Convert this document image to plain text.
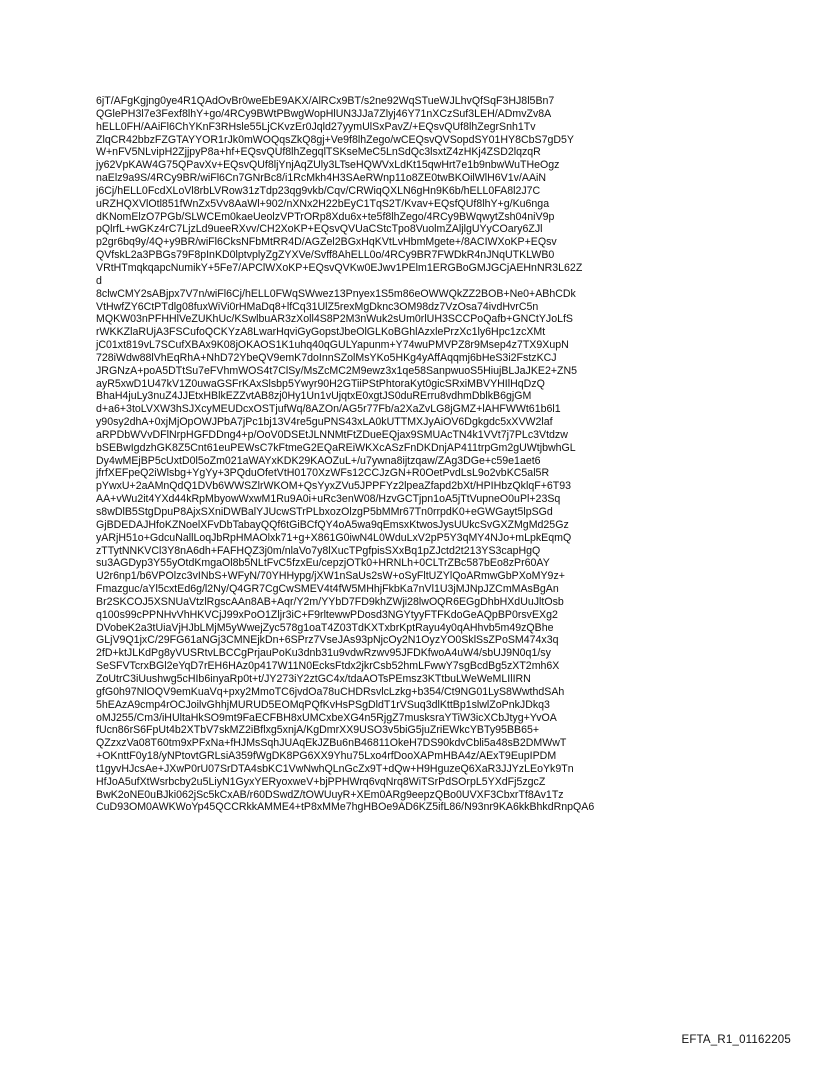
6jT/AFgKgjng0ye4R1QAdOvBr0weEbE9AKX/AlRCx9BT/s2ne92WqSTueWJLhvQfSqF3HJ8l5Bn7
QGlePH3l7e3Fexf8lhY+go/4RCy9BWtPBwgWopHlUN3JJa7Zlyj46Y71nXCzSuf3LEH/ADmvZv8A
hELL0FH/AAiFl6ChYKnF3RHsle55LjCKvzEr0Jqld27yymUlSxPavZ/+EQsvQUf8lhZegrSnh1Tv
ZlqCR42bbzFZGTAYYOR1rJk0mWOQqsZkQ8gj+Ve9f8lhZego/wCEQsvQVSopdSY01HY8CbS7gD5Y
W+nFV5NLvipH2ZjjpyP8a+hf+EQsvQUf8lhZegqlTSKseMeC5LnSdQc3lsxtZ4zHKj4ZSD2lqzqR
jy62VpKAW4G75QPavXv+EQsvQUf8ljYnjAqZUly3LTseHQWVxLdKt15qwHrt7e1b9nbwWuTHeOgz
naElz9a9S/4RCy9BR/wiFl6Cn7GNrBc8/i1RcMkh4H3SAeRWnp11o8ZE0twBKOilWlH6V1v/AAiN
j6Cj/hELL0FcdXLoVl8rbLVRow31zTdp23qg9vkb/Cqv/CRWiqQXLN6gHn9K6b/hELL0FA8l2J7C
uRZHQXVlOtl851fWnZx5Vv8AaWl+902/nXNx2H22bEyC1TqS2T/Kvav+EQsfQUf8lhY+g/Ku6nga
dKNomElzO7PGb/SLWCEm0kaeUeolzVPTrORp8Xdu6x+te5f8lhZego/4RCy9BWqwytZsh04niV9p
pQlrfL+wGKz4rC7LjzLd9ueeRXvv/CH2XoKP+EQsvQVUaCStcTpo8VuolmZAljlgUYyCOary6ZJl
p2gr6bq9y/4Q+y9BR/wiFl6CksNFbMtRR4D/AGZel2BGxHqKVtLvHbmMgete+/8ACIWXoKP+EQsv
QVfskL2a3PBGs79F8pInKD0lptvplyZgZYXVe/Svff8AhELL0o/4RCy9BR7FWDkR4nJNqUTKLWB0
VRtHTmqkqapcNumikY+5Fe7/APClWXoKP+EQsvQVKw0EJwv1PElm1ERGBoGMJGCjAEHnNR3L62Z
d
8clwCMY2sABjpx7V7n/wiFl6Cj/hELL0FWqSWwez13Pnyex1S5m86eOWWQkZZ2BOB+Ne0+ABhCDk
VtHwfZY6CtPTdlg08fuxWiVi0rHMaDq8+lfCq31UlZ5rexMgDknc3OM98dz7VzOsa74ivdHvrC5n
MQKW03nPFHHlVeZUKhUc/KSwlbuAR3zXoll4S8P2M3nWuk2sUm0rlUH3SCCPoQafb+GNCtYJoLfS
rWKKZlaRUjA3FSCufoQCKYzA8LwarHqviGyGopstJbeOlGLKoBGhlAzxlePrzXc1ly6Hpc1zcXMt
jC01xt819vL7SCufXBAx9K08jOKAOS1K1uhq40qGULYapunm+Y74wuPMVPZ8r9Msep4z7TX9XupN
728iWdw88lVhEqRhA+NhD72YbeQV9emK7doInnSZolMsYKo5HKg4yAffAqqmj6bHeS3i2FstzKCJ
JRGNzA+poA5DTtSu7eFVhmWOS4t7ClSy/MsZcMC2M9ewz3x1qe58SanpwuoS5HiujBLJaJKE2+ZN5
ayR5xwD1U47kV1Z0uwaGSFrKAxSlsbp5Ywyr90H2GTiiPStPhtoraKyt0gicSRxiMBVYHIlHqDzQ
BhaH4juLy3nuZ4JJEtxHBlkEZZvtAB8zj0Hy1Un1vUjqtxE0xgtJS0duRErru8vdhmDblkB6gjGM
d+a6+3toLVXW3hSJXcyMEUDcxOSTjufWq/8AZOn/AG5r77Fb/a2XaZvLG8jGMZ+lAHFWWt61b6l1
y90sy2dhA+0xjMjOpOWJPbA7jPc1bj13V4re5guPNS43xLA0kUTTMXJyAiOV6Dgkgdc5xXVW2laf
aRPDbWVvDFlNrpHGFDDng4+p/OoV0DSEtJLNNMtFtZDueEQjax9SMUAcTN4k1VVt7j7PLc3Vtdzw
bSEBwIgdzhGK8Z5Cnt61euPEWsC7kFtmeG2EQaREiWKXcASzFnDKDnjAP411trpGm2gUWtjbwhGL
Dy4wMEjBP5cUxtD0l5oZm021aWAYxKDK29KAOZuL+/u7ywna8ijtzqaw/ZAg3DGe+c59e1aet6
jfrfXEFpeQ2iWlsbg+YgYy+3PQduOfetVtH0170XzWFs12CCJzGN+R0OetPvdLsL9o2vbKC5al5R
pYwxU+2aAMnQdQ1DVb6WWSZlrWKOM+QsYyxZVu5JPPFYz2lpeaZfapd2bXt/HPIHbzQklqF+6T93
AA+vWu2it4YXd44kRpMbyowWxwM1Ru9A0i+uRc3enW08/HzvGCTjpn1oA5jTtVupneO0uPl+23Sq
s8wDlB5StgDpuP8AjxSXniDWBalYJUcwSTrPLbxozOlzgP5bMMr67Tn0rrpdK0+eGWGayt5lpSGd
GjBDEDAJHfoKZNoelXFvDbTabayQQf6tGiBCfQY4oA5wa9qEmsxKtwosJysUUkcSvGXZMgMd25Gz
yARjH51o+GdcuNallLoqJbRpHMAOlxk71+g+X861G0iwN4L0WduLxV2pP5Y3qMY4NJo+mLpkEqmQ
zTTytNNKVCl3Y8nA6dh+FAFHQZ3j0m/nlaVo7y8lXucTPgfpisSXxBq1pZJctd2t213YS3capHgQ
su3AGDyp3Y55yOtdKmgaOl8b5NLtFvC5fzxEu/cepzjOTk0+HRNLh+0CLTrZBc587bEo8zPr60AY
U2r6np1/b6VPOlzc3vINbS+WFyN/70YHHypg/jXW1nSaUs2sW+oSyFltUZYlQoARmwGbPXoMY9z+
Fmazguc/aYl5cxtEd6g/l2Ny/Q4GR7CgCwSMEV4t4fW5MHhjFkbKa7nVl1U3jMJNpJZCmMAsBgAn
Br2SKCOJ5XSNUaVtzlRgscAAn8AB+Aqr/Y2m/YYbD7FD9khZWji28lwOQR6EGgDhbHXdUuJltOsb
q100s99cPPNHvVhHKVCjJ99xPoO1Zljr3iC+F9rltewwPDosd3NGYtyyFTFKdoGeAQpBP0rsvEXg2
DVobeK2a3tUiaVjHJbLMjM5yWwejZyc578g1oaT4Z03TdKXTxbrKptRayu4y0qAHhvb5m49zQBhe
GLjV9Q1jxC/29FG61aNGj3CMNEjkDn+6SPrz7VseJAs93pNjcOy2N1OyzYO0SklSsZPoSM474x3q
2fD+ktJLKdPg8yVUSRtvLBCCgPrjauPoKu3dnb31u9vdwRzwv95JFDKfwoA4uW4/sbUJ9N0q1/sy
SeSFVTcrxBGl2eYqD7rEH6HAz0p417W11N0EcksFtdx2jkrCsb52hmLFwwY7sgBcdBg5zXT2mh6X
ZoUtrC3iUushwg5cHIb6inyaRp0t+t/JY273iY2ztGC4x/tdaAOTsPEmsz3KTtbuLWeWeMLIlIRN
gfG0h97NlOQV9emKuaVq+pxy2MmoTC6jvdOa78uCHDRsvlcLzkg+b354/Ct9NG01LyS8WwthdSAh
5hEAzA9cmp4rOCJoilvGhhjMURUD5EOMqPQfKvHsPSgDldT1rVSuq3dlKttBp1slwlZoPnkJDkq3
oMJ255/Cm3/iHUltaHkSO9mt9FaECFBH8xUMCxbeXG4n5RjgZ7musksraYTiW3icXCbJtyg+YvOA
fUcn86rS6FpUt4b2XTbV7skMZ2iBflxg5xnjA/KgDmrXX9USO3v5biG5juZriEWkcYBTy95BB65+
QZzxzVa08T60tm9xPFxNa+fHJMsSqhJUAqEkJZBu6nB46811OkeH7DS90kdvCbli5a48sB2DMWwT
+OKnttF0y18/yNPtovtGRLsiA359fWgDK8PG6XX9Yhu75Lxo4rfDooXAPmHBA4z/AExT9EupIPDM
t1gyvHJcsAe+JXwP0rU07SrDTA4sbKC1VwNwhQLnGcZx9T+dQw+H9HguzeQ6XaR3JJYzLEoYk9Tn
HfJoA5ufXtWsrbcby2u5LiyN1GyxYERyoxweV+bjPPHWrq6vqNrq8WiTSrPdSOrpL5YXdFj5zgcZ
BwK2oNE0uBJki062jSc5kCxAB/r60DSwdZ/tOWUuyR+XEm0ARg9eepzQBo0UVXF3CbxrTf8Av1Tz
CuD93OM0AWKWoYp45QCCRkkAMME4+tP8xMMe7hgHBOe9AD6KZ5ifL86/N93nr9KA6kkBhkdRnpQA6
EFTA_R1_01162205
